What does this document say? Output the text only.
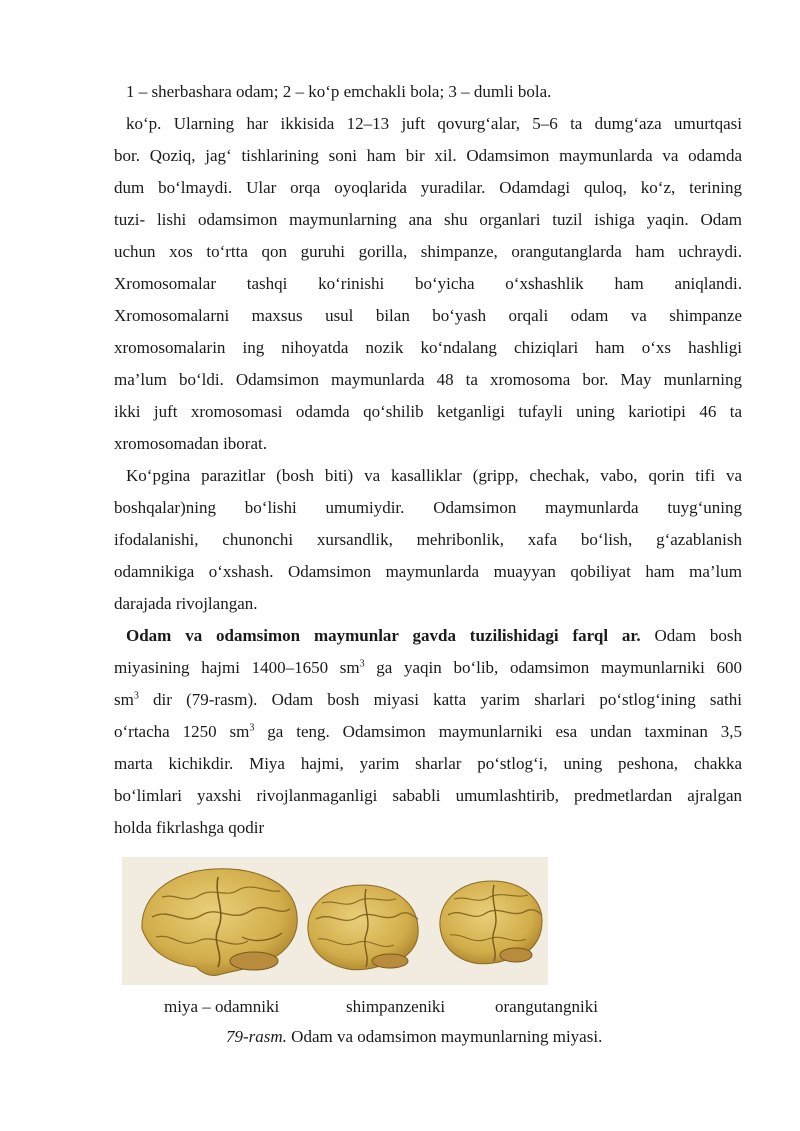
1 – sherbashara odam; 2 – ko‘p emchakli bola; 3 – dumli bola.
ko‘p. Ularning har ikkisida 12–13 juft qovurg‘alar, 5–6 ta dumg‘aza umurtqasi
bor. Qoziq, jag‘ tishlarining soni ham bir xil. Odamsimon maymunlarda va odamda
dum bo‘lmaydi. Ular orqa oyoqlarida yuradilar. Odamdagi quloq, ko‘z, terining
tuzi- lishi odamsimon maymunlarning ana shu organlari tuzil ishiga yaqin. Odam
uchun xos to‘rtta qon guruhi gorilla, shimpanze, orangutanglarda ham uchraydi.
Xromosomalar tashqi ko‘rinishi bo‘yicha o‘xshashlik ham aniqlandi.
Xromosomalarni maxsus usul bilan bo‘yash orqali odam va shimpanze
xromosomalarin ing nihoyatda nozik ko‘ndalang chiziqlari ham o‘xs hashligi
ma’lum bo‘ldi. Odamsimon maymunlarda 48 ta xromosoma bor. May munlarning
ikki juft xromosomasi odamda qo‘shilib ketganligi tufayli uning kariotipi 46 ta
xromosomadan iborat.
Ko‘pgina parazitlar (bosh biti) va kasalliklar (gripp, chechak, vabo, qorin tifi va
boshqalar)ning bo‘lishi umumiydir. Odamsimon maymunlarda tuyg‘uning
ifodalanishi, chunonchi xursandlik, mehribonlik, xafa bo‘lish, g‘azablanish
odamnikiga o‘xshash. Odamsimon maymunlarda muayyan qobiliyat ham ma’lum
darajada rivojlangan.
Odam va odamsimon maymunlar gavda tuzilishidagi farql ar. Odam bosh
miyasining hajmi 1400–1650 $sm^3$ ga yaqin bo‘lib, odamsimon maymunlarniki 600
$sm^3$ dir (79-rasm). Odam bosh miyasi katta yarim sharlari po‘stlog‘ining sathi
o‘rtacha 1250 $sm^3$ ga teng. Odamsimon maymunlarniki esa undan taxminan 3,5
marta kichikdir. Miya hajmi, yarim sharlar po‘stlog‘i, uning peshona, chakka
bo‘limlari yaxshi rivojlanmaganligi sababli umumlashtirib, predmetlardan ajralgan
holda fikrlashga qodir
miya – odamniki	shimpanzeniki	orangutangniki
79-rasm. Odam va odamsimon maymunlarning miyasi.
